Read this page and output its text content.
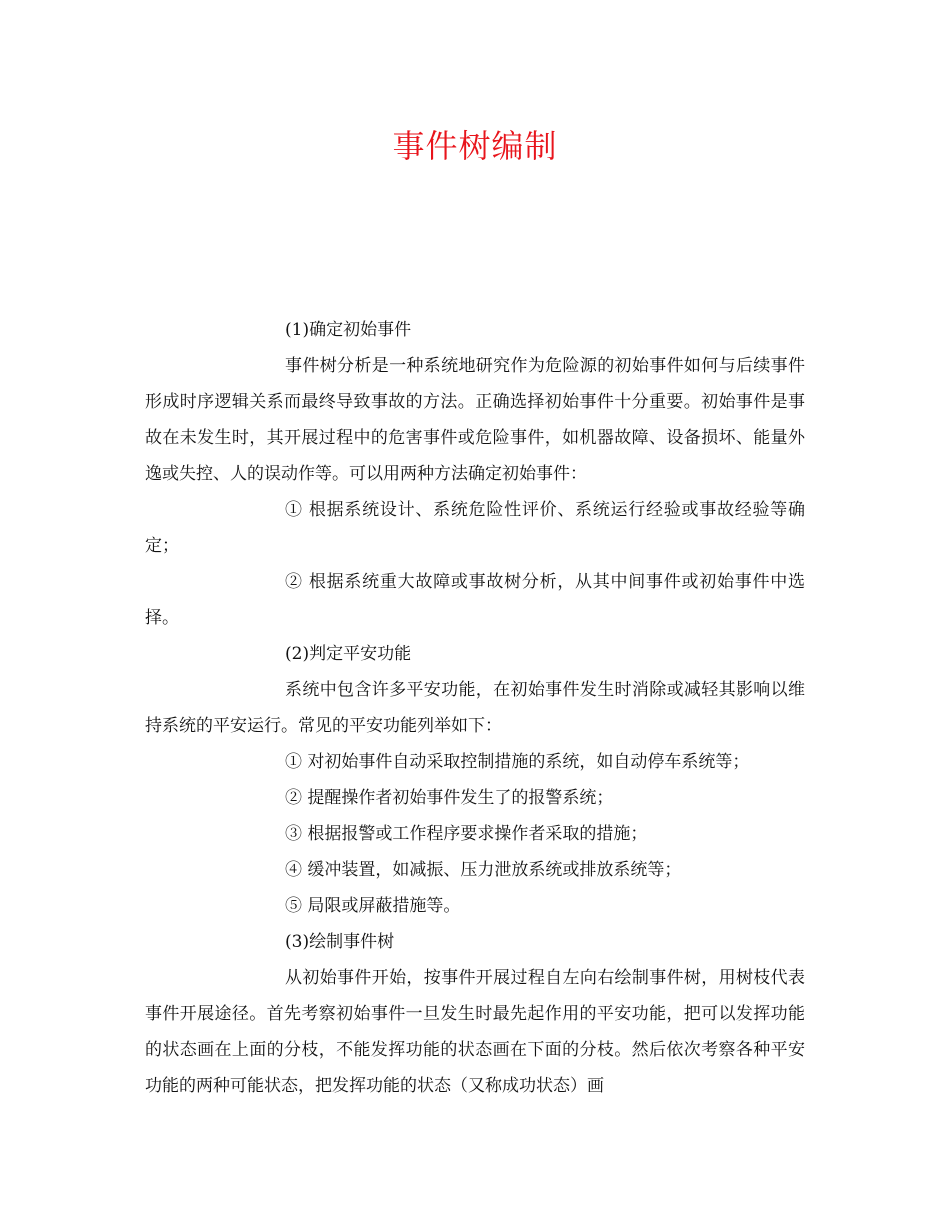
事件树编制

(1)确定初始事件

事件树分析是一种系统地研究作为危险源的初始事件如何与后续事件形成时序逻辑关系而最终导致事故的方法。正确选择初始事件十分重要。初始事件是事故在未发生时，其开展过程中的危害事件或危险事件，如机器故障、设备损坏、能量外逸或失控、人的误动作等。可以用两种方法确定初始事件：

① 根据系统设计、系统危险性评价、系统运行经验或事故经验等确定；

② 根据系统重大故障或事故树分析，从其中间事件或初始事件中选择。

(2)判定平安功能

系统中包含许多平安功能，在初始事件发生时消除或减轻其影响以维持系统的平安运行。常见的平安功能列举如下：

① 对初始事件自动采取控制措施的系统，如自动停车系统等；

② 提醒操作者初始事件发生了的报警系统；

③ 根据报警或工作程序要求操作者采取的措施；

④ 缓冲装置，如减振、压力泄放系统或排放系统等；

⑤ 局限或屏蔽措施等。

(3)绘制事件树

从初始事件开始，按事件开展过程自左向右绘制事件树，用树枝代表事件开展途径。首先考察初始事件一旦发生时最先起作用的平安功能，把可以发挥功能的状态画在上面的分枝，不能发挥功能的状态画在下面的分枝。然后依次考察各种平安功能的两种可能状态，把发挥功能的状态（又称成功状态）画
